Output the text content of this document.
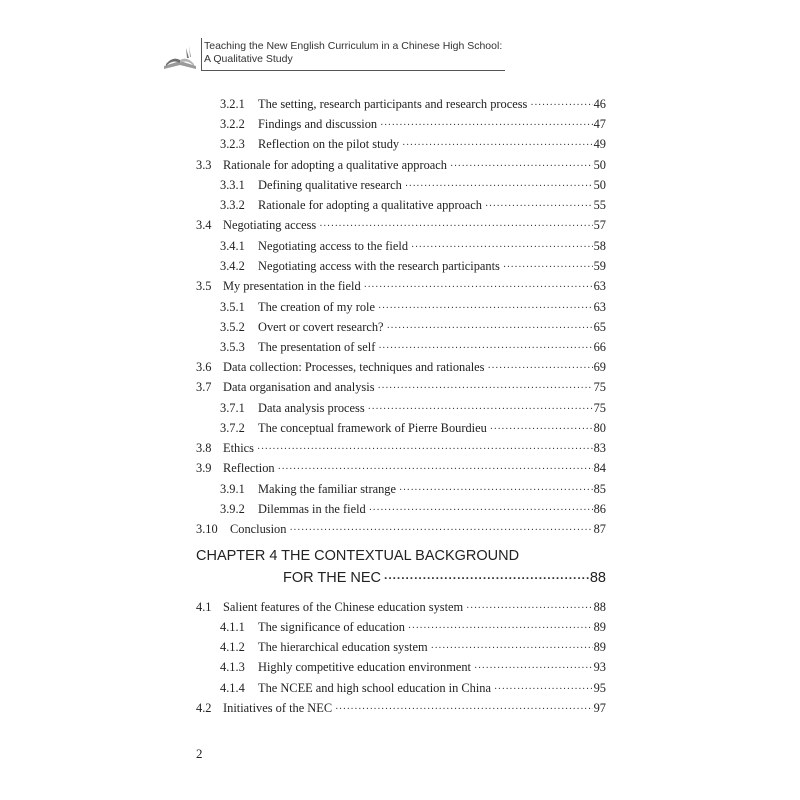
Teaching the New English Curriculum in a Chinese High School:
A Qualitative Study
3.2.1	The setting, research participants and research process ·····	46
3.2.2	Findings and discussion ·····	47
3.2.3	Reflection on the pilot study ·····	49
3.3 Rationale for adopting a qualitative approach ·····	50
3.3.1	Defining qualitative research ·····	50
3.3.2	Rationale for adopting a qualitative approach ·····	55
3.4 Negotiating access ·····	57
3.4.1	Negotiating access to the field ·····	58
3.4.2	Negotiating access with the research participants ·····	59
3.5 My presentation in the field ·····	63
3.5.1	The creation of my role ·····	63
3.5.2	Overt or covert research? ·····	65
3.5.3	The presentation of self ·····	66
3.6 Data collection: Processes, techniques and rationales ·····	69
3.7 Data organisation and analysis ·····	75
3.7.1	Data analysis process ·····	75
3.7.2	The conceptual framework of Pierre Bourdieu ·····	80
3.8 Ethics ·····	83
3.9 Reflection ·····	84
3.9.1	Making the familiar strange ·····	85
3.9.2	Dilemmas in the field ·····	86
3.10 Conclusion ·····	87
CHAPTER 4 THE CONTEXTUAL BACKGROUND
FOR THE NEC ·····	88
4.1 Salient features of the Chinese education system ·····	88
4.1.1	The significance of education ·····	89
4.1.2	The hierarchical education system ·····	89
4.1.3	Highly competitive education environment ·····	93
4.1.4	The NCEE and high school education in China ·····	95
4.2 Initiatives of the NEC ·····	97
2
